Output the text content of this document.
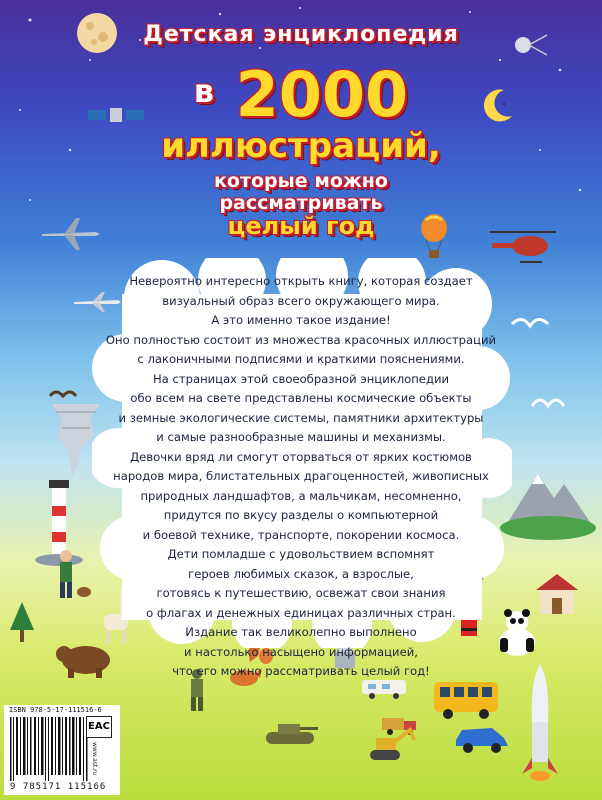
Детская энциклопедия
$^в$ 2000
иллюстраций,
которые можно
рассматривать
целый год

Невероятно интересно открыть книгу, которая создает

визуальный образ всего окружающего мира.

А это именно такое издание!

Оно полностью состоит из множества красочных иллюстраций

с лаконичными подписями и краткими пояснениями.

На страницах этой своеобразной энциклопедии

обо всем на свете представлены космические объекты

и земные экологические системы, памятники архитектуры

и самые разнообразные машины и механизмы.

Девочки вряд ли смогут оторваться от ярких костюмов

народов мира, блистательных драгоценностей, живописных

природных ландшафтов, а мальчикам, несомненно,

придутся по вкусу разделы о компьютерной

и боевой технике, транспорте, покорении космоса.

Дети помладше с удовольствием вспомнят

героев любимых сказок, а взрослые,

готовясь к путешествию, освежат свои знания

о флагах и денежных единицах различных стран.

Издание так великолепно выполнено

и настолько насыщено информацией,

что его можно рассматривать целый год!

ISBN 978-5-17-111516-6
9 785171 115166
EAC
www.ast.ru
